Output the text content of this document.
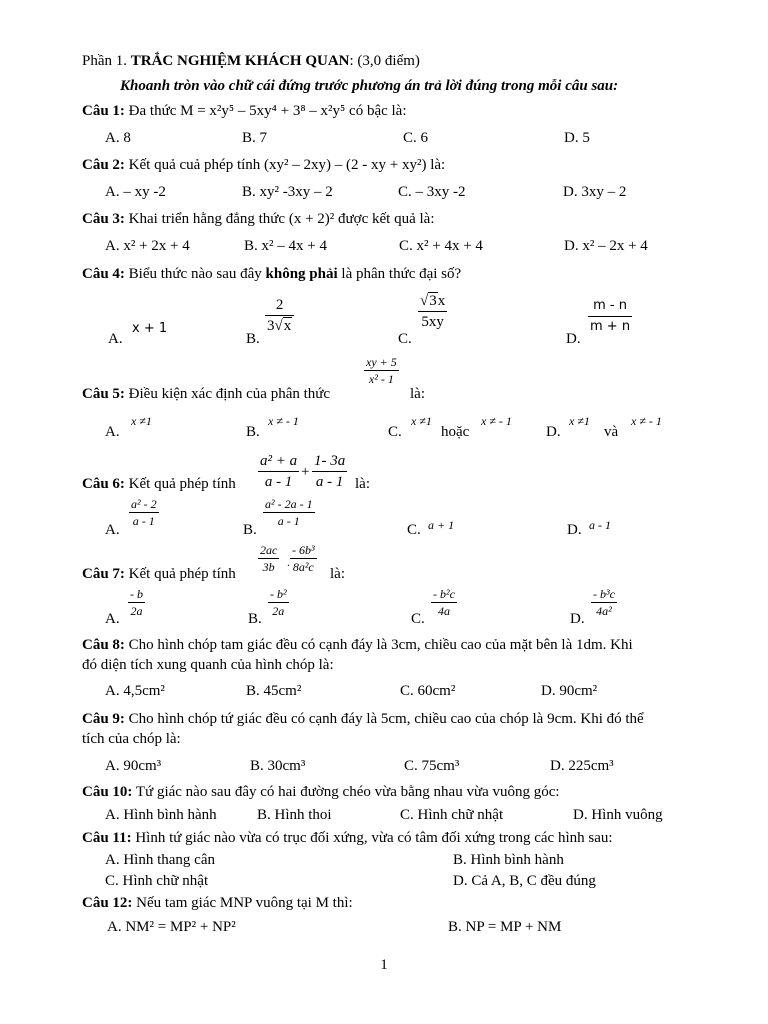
Phần 1. TRẮC NGHIỆM KHÁCH QUAN: (3,0 điểm)
Khoanh tròn vào chữ cái đứng trước phương án trả lời đúng trong mỗi câu sau:
Câu 1: Đa thức M = x²y⁵ – 5xy⁴ + 3⁸ – x²y⁵ có bậc là:
A. 8	B. 7	C. 6	D. 5
Câu 2: Kết quả cuả phép tính (xy² – 2xy) – (2 - xy + xy²) là:
A. – xy -2	B. xy² -3xy – 2	C. – 3xy -2	D. 3xy – 2
Câu 3: Khai triển hằng đẳng thức (x + 2)² được kết quả là:
A. x² + 2x + 4	B. x² – 4x + 4	C. x² + 4x + 4	D. x² – 2x + 4
Câu 4: Biểu thức nào sau đây không phải là phân thức đại số?
A.
x + 1
B.
2
3√x
C.
√3x
5xy
D.
m - n
m + n
Câu 5: Điều kiện xác định của phân thức
xy + 5
x² - 1
là:
A.
x ≠1
B.
x ≠ - 1
C.
x ≠1
hoặc
x ≠ - 1
D.
x ≠1
và
x ≠ - 1
Câu 6: Kết quả phép tính
a² + a
a - 1
+
1- 3a
a - 1 là:
A.
a² - 2
a - 1
B.
a² - 2a - 1
a - 1
C. a + 1	D. a - 1
Câu 7: Kết quả phép tính
2ac
3b .
- 6b³
8a²c là:
A.
- b
2a	B.
- b²
2a	C.
- b²c
4a	D.
- b³c
4a²
Câu 8: Cho hình chóp tam giác đều có cạnh đáy là 3cm, chiều cao của mặt bên là 1dm. Khi
đó diện tích xung quanh của hình chóp là:
A. 4,5cm²	B. 45cm²	C. 60cm²	D. 90cm²
Câu 9: Cho hình chóp tứ giác đều có cạnh đáy là 5cm, chiều cao của chóp là 9cm. Khi đó thể
tích của chóp là:
A. 90cm³	B. 30cm³	C. 75cm³	D. 225cm³
Câu 10: Tứ giác nào sau đây có hai đường chéo vừa bằng nhau vừa vuông góc:
A. Hình bình hành	B. Hình thoi	C. Hình chữ nhật	D. Hình vuông
Câu 11: Hình tứ giác nào vừa có trục đối xứng, vừa có tâm đối xứng trong các hình sau:
A. Hình thang cân	B. Hình bình hành
C. Hình chữ nhật	D. Cả A, B, C đều đúng
Câu 12: Nếu tam giác MNP vuông tại M thì:
A. NM² = MP² + NP²	B. NP = MP + NM
1
